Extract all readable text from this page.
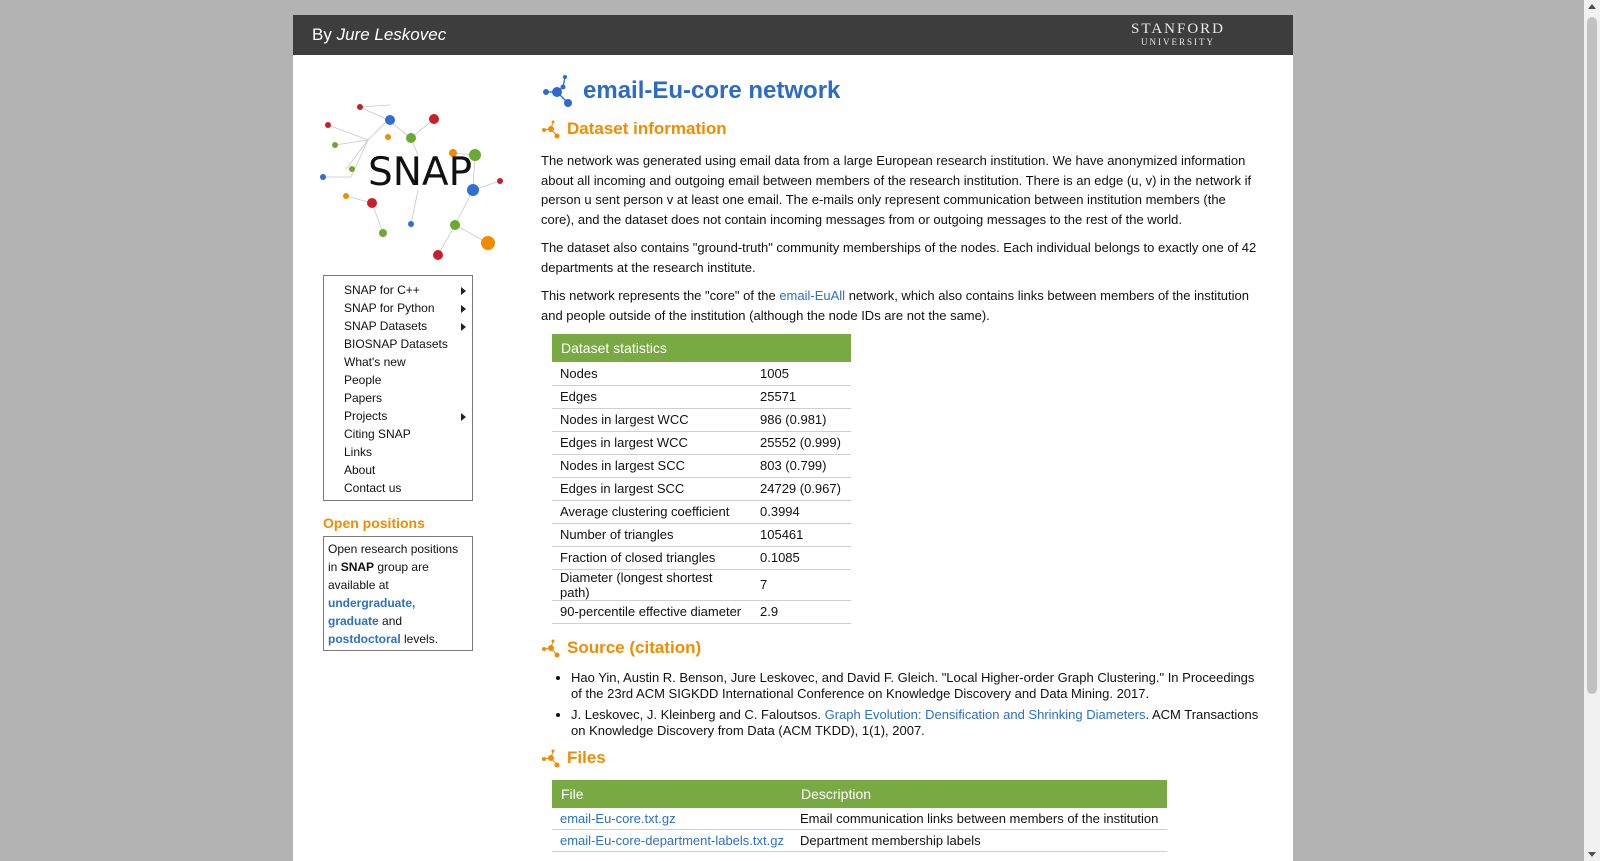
By Jure Leskovec	STANFORD
UNIVERSITY
SNAP
SNAP for C++
SNAP for Python
SNAP Datasets
BIOSNAP Datasets
What's new
People
Papers
Projects
Citing SNAP
Links
About
Contact us
Open positions
Open research positions in SNAP group are available at
undergraduate,
graduate and
postdoctoral levels.
email-Eu-core network
Dataset information

The network was generated using email data from a large European research institution. We have anonymized information about all incoming and outgoing email between members of the research institution. There is an edge (u, v) in the network if person u sent person v at least one email. The e-mails only represent communication between institution members (the core), and the dataset does not contain incoming messages from or outgoing messages to the rest of the world.

The dataset also contains "ground-truth" community memberships of the nodes. Each individual belongs to exactly one of 42 departments at the research institute.

This network represents the "core" of the email-EuAll network, which also contains links between members of the institution and people outside of the institution (although the node IDs are not the same).

Dataset statistics	
Nodes	1005
Edges	25571
Nodes in largest WCC	986 (0.981)
Edges in largest WCC	25552 (0.999)
Nodes in largest SCC	803 (0.799)
Edges in largest SCC	24729 (0.967)
Average clustering coefficient	0.3994
Number of triangles	105461
Fraction of closed triangles	0.1085
Diameter (longest shortest path)	7
90-percentile effective diameter	2.9
Source (citation)
• Hao Yin, Austin R. Benson, Jure Leskovec, and David F. Gleich. "Local Higher-order Graph Clustering." In Proceedings of the 23rd ACM SIGKDD International Conference on Knowledge Discovery and Data Mining. 2017.
• J. Leskovec, J. Kleinberg and C. Faloutsos. Graph Evolution: Densification and Shrinking Diameters. ACM Transactions on Knowledge Discovery from Data (ACM TKDD), 1(1), 2007.
Files
File	Description
email-Eu-core.txt.gz	Email communication links between members of the institution
email-Eu-core-department-labels.txt.gz	Department membership labels
